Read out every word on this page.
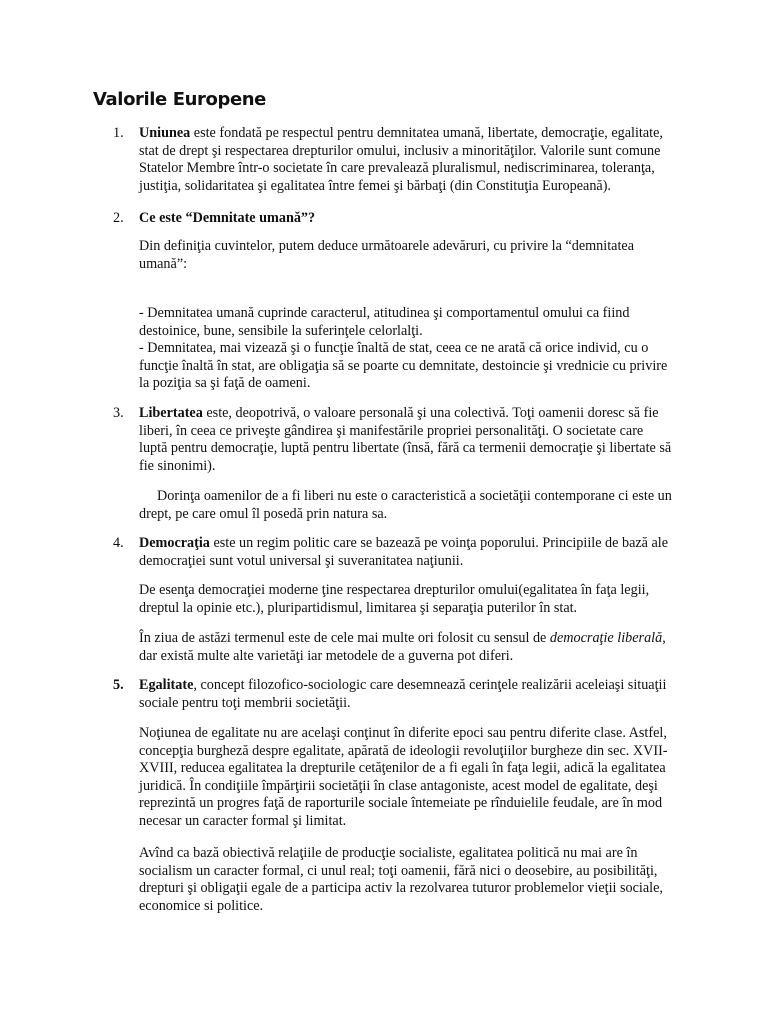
Valorile Europene
1. Uniunea este fondată pe respectul pentru demnitatea umană, libertate, democraţie, egalitate, stat de drept şi respectarea drepturilor omului, inclusiv a minorităţilor. Valorile sunt comune Statelor Membre într-o societate în care prevalează pluralismul, nediscriminarea, toleranţa, justiţia, solidaritatea şi egalitatea între femei şi bărbaţi (din Constituţia Europeană).
2. Ce este “Demnitate umană”?
Din definiţia cuvintelor, putem deduce următoarele adevăruri, cu privire la “demnitatea umană”:
- Demnitatea umană cuprinde caracterul, atitudinea şi comportamentul omului ca fiind destoinice, bune, sensibile la suferinţele celorlalţi.
- Demnitatea, mai vizează şi o funcţie înaltă de stat, ceea ce ne arată că orice individ, cu o funcţie înaltă în stat, are obligaţia să se poarte cu demnitate, destoincie şi vrednicie cu privire la poziţia sa şi faţă de oameni.
3. Libertatea este, deopotrivă, o valoare personală şi una colectivă. Toţi oamenii doresc să fie liberi, în ceea ce priveşte gândirea şi manifestările propriei personalităţi. O societate care luptă pentru democraţie, luptă pentru libertate (însă, fără ca termenii democraţie şi libertate să fie sinonimi).
Dorinţa oamenilor de a fi liberi nu este o caracteristică a societăţii contemporane ci este un drept, pe care omul îl posedă prin natura sa.
4. Democraţia este un regim politic care se bazează pe voinţa poporului. Principiile de bază ale democraţiei sunt votul universal şi suveranitatea naţiunii.
De esenţa democraţiei moderne ţine respectarea drepturilor omului(egalitatea în faţa legii, dreptul la opinie etc.), pluripartidismul, limitarea şi separaţia puterilor în stat.
În ziua de astăzi termenul este de cele mai multe ori folosit cu sensul de democraţie liberală, dar există multe alte varietăţi iar metodele de a guverna pot diferi.
5. Egalitate, concept filozofico-sociologic care desemnează cerinţele realizării aceleiaşi situaţii sociale pentru toţi membrii societăţii.
Noţiunea de egalitate nu are acelaşi conţinut în diferite epoci sau pentru diferite clase. Astfel, concepţia burgheză despre egalitate, apărată de ideologii revoluţiilor burgheze din sec. XVII-XVIII, reducea egalitatea la drepturile cetăţenilor de a fi egali în faţa legii, adică la egalitatea juridică. În condiţiile împărţirii societăţii în clase antagoniste, acest model de egalitate, deşi reprezintă un progres faţă de raporturile sociale întemeiate pe rînduielile feudale, are în mod necesar un caracter formal şi limitat.
Avînd ca bază obiectivă relaţiile de producţie socialiste, egalitatea politică nu mai are în socialism un caracter formal, ci unul real; toţi oamenii, fără nici o deosebire, au posibilităţi, drepturi şi obligaţii egale de a participa activ la rezolvarea tuturor problemelor vieţii sociale, economice si politice.
